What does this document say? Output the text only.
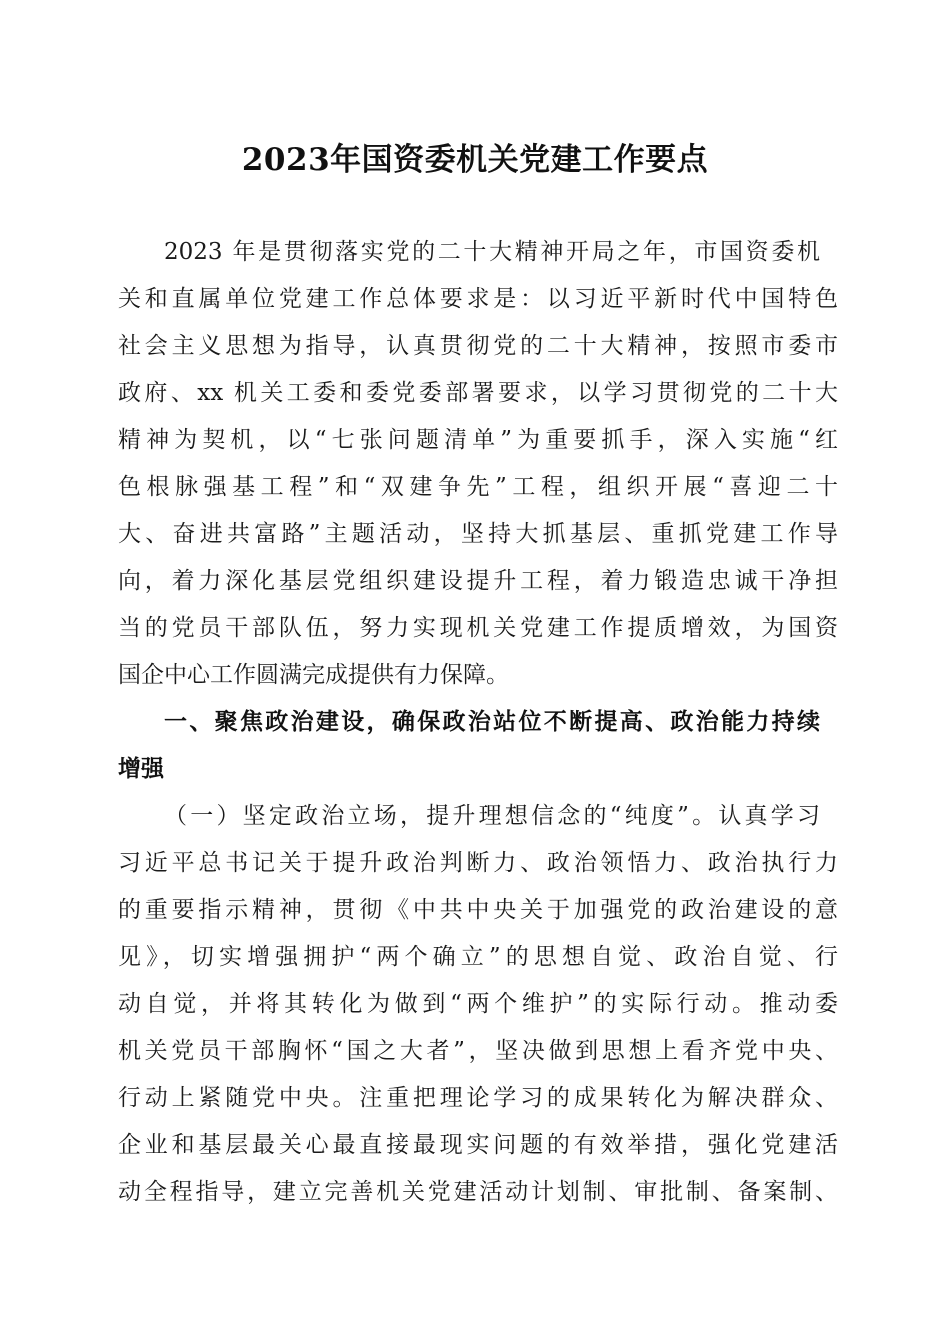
2023年国资委机关党建工作要点
2023 年是贯彻落实党的二十大精神开局之年，市国资委机
关和直属单位党建工作总体要求是：以习近平新时代中国特色
社会主义思想为指导，认真贯彻党的二十大精神，按照市委市
政府、xx 机关工委和委党委部署要求，以学习贯彻党的二十大
精神为契机，以“七张问题清单”为重要抓手，深入实施“红
色根脉强基工程”和“双建争先”工程，组织开展“喜迎二十
大、奋进共富路”主题活动，坚持大抓基层、重抓党建工作导
向，着力深化基层党组织建设提升工程，着力锻造忠诚干净担
当的党员干部队伍，努力实现机关党建工作提质增效，为国资
国企中心工作圆满完成提供有力保障。
一、聚焦政治建设，确保政治站位不断提高、政治能力持续
增强
（一）坚定政治立场，提升理想信念的“纯度”。认真学习
习近平总书记关于提升政治判断力、政治领悟力、政治执行力
的重要指示精神，贯彻《中共中央关于加强党的政治建设的意
见》，切实增强拥护“两个确立”的思想自觉、政治自觉、行
动自觉，并将其转化为做到“两个维护”的实际行动。推动委
机关党员干部胸怀“国之大者”，坚决做到思想上看齐党中央、
行动上紧随党中央。注重把理论学习的成果转化为解决群众、
企业和基层最关心最直接最现实问题的有效举措，强化党建活
动全程指导，建立完善机关党建活动计划制、审批制、备案制、
